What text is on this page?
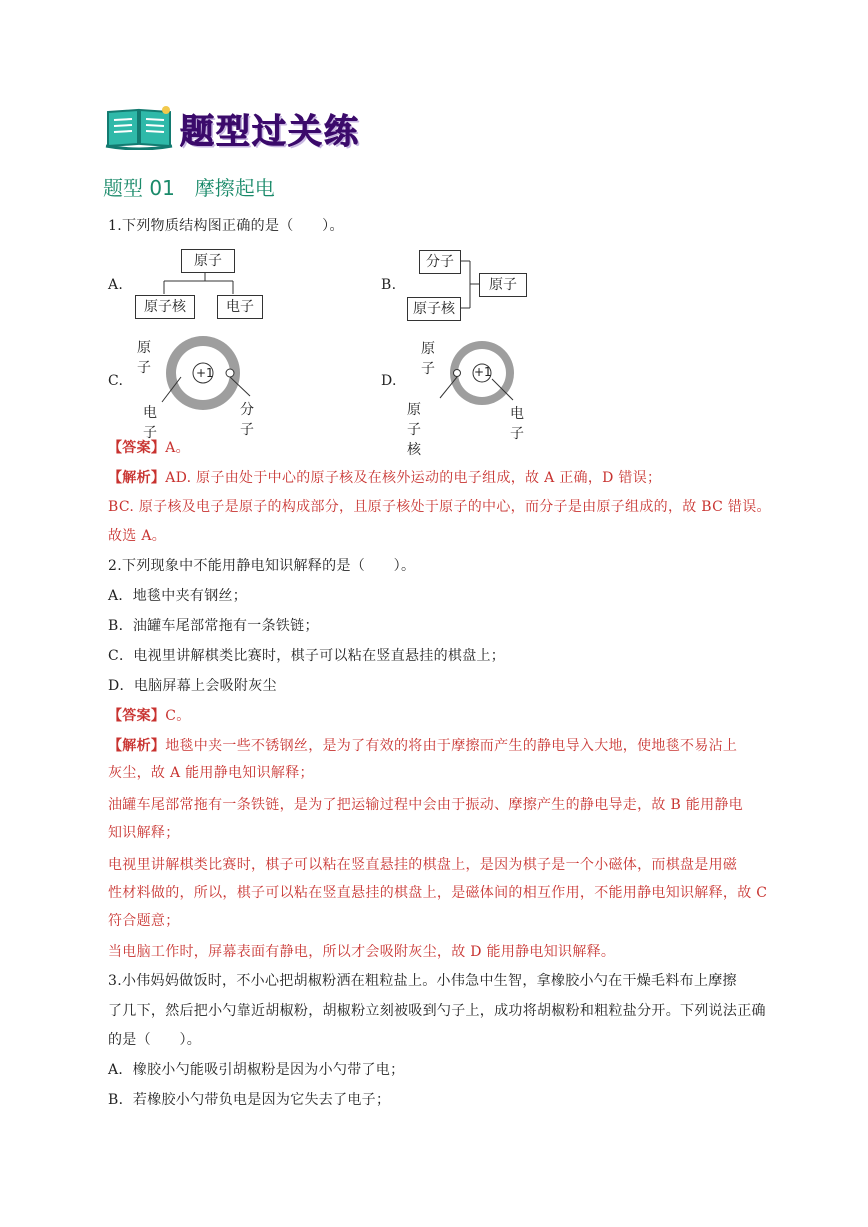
题型过关练
题型 01　摩擦起电
1.下列物质结构图正确的是（　　）。
A.	B.
C.	D.
原子
原子核	电子
分子
原子核
原子
+1
原子
电子
分子
+1
原子
原子核
电子
【答案】A。
【解析】AD. 原子由处于中心的原子核及在核外运动的电子组成，故 A 正确，D 错误；
BC. 原子核及电子是原子的构成部分，且原子核处于原子的中心，而分子是由原子组成的，故 BC 错误。
故选 A。
2.下列现象中不能用静电知识解释的是（　　）。
A．地毯中夹有钢丝；
B．油罐车尾部常拖有一条铁链；
C．电视里讲解棋类比赛时，棋子可以粘在竖直悬挂的棋盘上；
D．电脑屏幕上会吸附灰尘
【答案】C。
【解析】地毯中夹一些不锈钢丝，是为了有效的将由于摩擦而产生的静电导入大地，使地毯不易沾上
灰尘，故 A 能用静电知识解释；
油罐车尾部常拖有一条铁链，是为了把运输过程中会由于振动、摩擦产生的静电导走，故 B 能用静电
知识解释；
电视里讲解棋类比赛时，棋子可以粘在竖直悬挂的棋盘上，是因为棋子是一个小磁体，而棋盘是用磁
性材料做的，所以，棋子可以粘在竖直悬挂的棋盘上，是磁体间的相互作用，不能用静电知识解释，故 C
符合题意；
当电脑工作时，屏幕表面有静电，所以才会吸附灰尘，故 D 能用静电知识解释。
3.小伟妈妈做饭时，不小心把胡椒粉洒在粗粒盐上。小伟急中生智，拿橡胶小勺在干燥毛料布上摩擦
了几下，然后把小勺靠近胡椒粉，胡椒粉立刻被吸到勺子上，成功将胡椒粉和粗粒盐分开。下列说法正确
的是（　　）。
A．橡胶小勺能吸引胡椒粉是因为小勺带了电；
B．若橡胶小勺带负电是因为它失去了电子；
